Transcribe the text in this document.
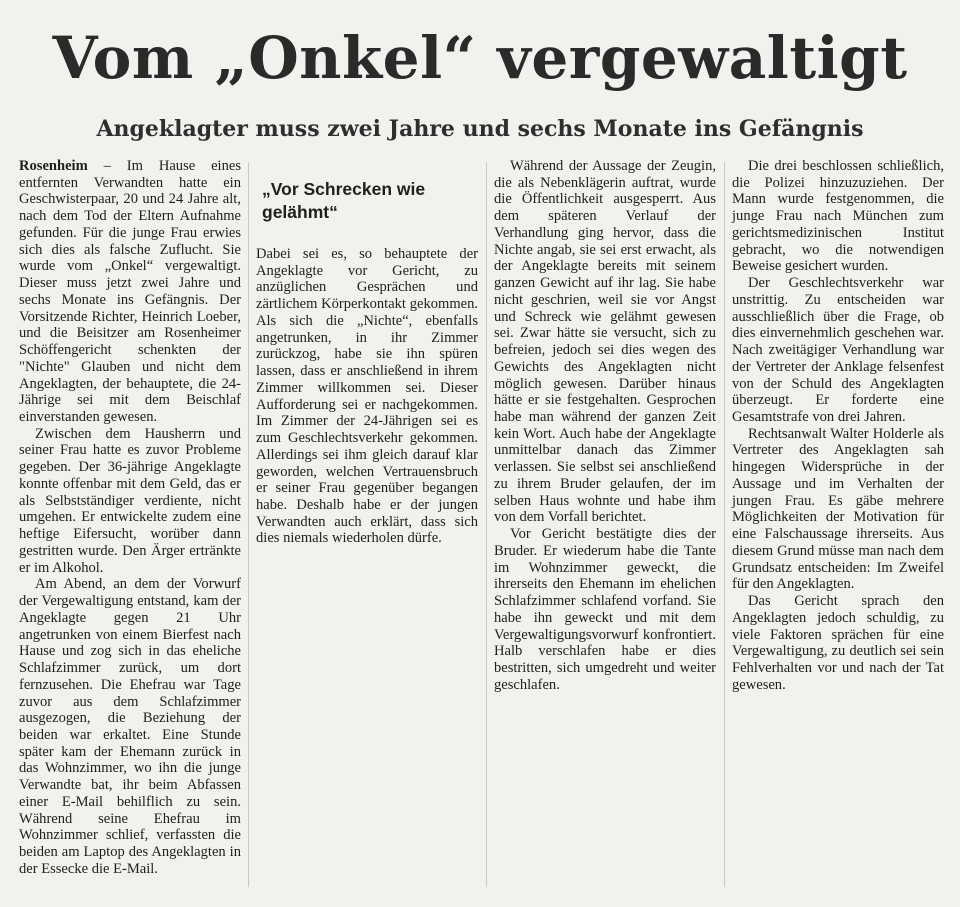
Vom „Onkel“ vergewaltigt
Angeklagter muss zwei Jahre und sechs Monate ins Gefängnis

Rosenheim – Im Hause eines entfernten Verwandten hatte ein Geschwisterpaar, 20 und 24 Jahre alt, nach dem Tod der Eltern Aufnahme gefunden. Für die junge Frau erwies sich dies als falsche Zuflucht. Sie wurde vom „Onkel“ vergewaltigt. Dieser muss jetzt zwei Jahre und sechs Monate ins Gefängnis. Der Vorsitzende Richter, Heinrich Loeber, und die Beisitzer am Rosenheimer Schöffengericht schenkten der "Nichte" Glauben und nicht dem Angeklagten, der behauptete, die 24-Jährige sei mit dem Beischlaf einverstanden gewesen.

Zwischen dem Hausherrn und seiner Frau hatte es zuvor Probleme gegeben. Der 36-jährige Angeklagte konnte offenbar mit dem Geld, das er als Selbstständiger verdiente, nicht umgehen. Er entwickelte zudem eine heftige Eifersucht, worüber dann gestritten wurde. Den Ärger ertränkte er im Alkohol.

Am Abend, an dem der Vorwurf der Vergewaltigung entstand, kam der Angeklagte gegen 21 Uhr angetrunken von einem Bierfest nach Hause und zog sich in das eheliche Schlafzimmer zurück, um dort fernzusehen. Die Ehefrau war Tage zuvor aus dem Schlafzimmer ausgezogen, die Beziehung der beiden war erkaltet. Eine Stunde später kam der Ehemann zurück in das Wohnzimmer, wo ihn die junge Verwandte bat, ihr beim Abfassen einer E-Mail behilflich zu sein. Während seine Ehefrau im Wohnzimmer schlief, verfassten die beiden am Laptop des Angeklagten in der Essecke die E-Mail.

„Vor Schrecken wie gelähmt“

Dabei sei es, so behauptete der Angeklagte vor Gericht, zu anzüglichen Gesprächen und zärtlichem Körperkontakt gekommen. Als sich die „Nichte“, ebenfalls angetrunken, in ihr Zimmer zurückzog, habe sie ihn spüren lassen, dass er anschließend in ihrem Zimmer willkommen sei. Dieser Aufforderung sei er nachgekommen. Im Zimmer der 24-Jährigen sei es zum Geschlechtsverkehr gekommen. Allerdings sei ihm gleich darauf klar geworden, welchen Vertrauensbruch er seiner Frau gegenüber begangen habe. Deshalb habe er der jungen Verwandten auch erklärt, dass sich dies niemals wiederholen dürfe.

Während der Aussage der Zeugin, die als Nebenklägerin auftrat, wurde die Öffentlichkeit ausgesperrt. Aus dem späteren Verlauf der Verhandlung ging hervor, dass die Nichte angab, sie sei erst erwacht, als der Angeklagte bereits mit seinem ganzen Gewicht auf ihr lag. Sie habe nicht geschrien, weil sie vor Angst und Schreck wie gelähmt gewesen sei. Zwar hätte sie versucht, sich zu befreien, jedoch sei dies wegen des Gewichts des Angeklagten nicht möglich gewesen. Darüber hinaus hätte er sie festgehalten. Gesprochen habe man während der ganzen Zeit kein Wort. Auch habe der Angeklagte unmittelbar danach das Zimmer verlassen. Sie selbst sei anschließend zu ihrem Bruder gelaufen, der im selben Haus wohnte und habe ihm von dem Vorfall berichtet.

Vor Gericht bestätigte dies der Bruder. Er wiederum habe die Tante im Wohnzimmer geweckt, die ihrerseits den Ehemann im ehelichen Schlafzimmer schlafend vorfand. Sie habe ihn geweckt und mit dem Vergewaltigungsvorwurf konfrontiert. Halb verschlafen habe er dies bestritten, sich umgedreht und weiter geschlafen.

Die drei beschlossen schließlich, die Polizei hinzuzuziehen. Der Mann wurde festgenommen, die junge Frau nach München zum gerichtsmedizinischen Institut gebracht, wo die notwendigen Beweise gesichert wurden.

Der Geschlechtsverkehr war unstrittig. Zu entscheiden war ausschließlich über die Frage, ob dies einvernehmlich geschehen war. Nach zweitägiger Verhandlung war der Vertreter der Anklage felsenfest von der Schuld des Angeklagten überzeugt. Er forderte eine Gesamtstrafe von drei Jahren.

Rechtsanwalt Walter Holderle als Vertreter des Angeklagten sah hingegen Widersprüche in der Aussage und im Verhalten der jungen Frau. Es gäbe mehrere Möglichkeiten der Motivation für eine Falschaussage ihrerseits. Aus diesem Grund müsse man nach dem Grundsatz entscheiden: Im Zweifel für den Angeklagten.

Das Gericht sprach den Angeklagten jedoch schuldig, zu viele Faktoren sprächen für eine Vergewaltigung, zu deutlich sei sein Fehlverhalten vor und nach der Tat gewesen.
